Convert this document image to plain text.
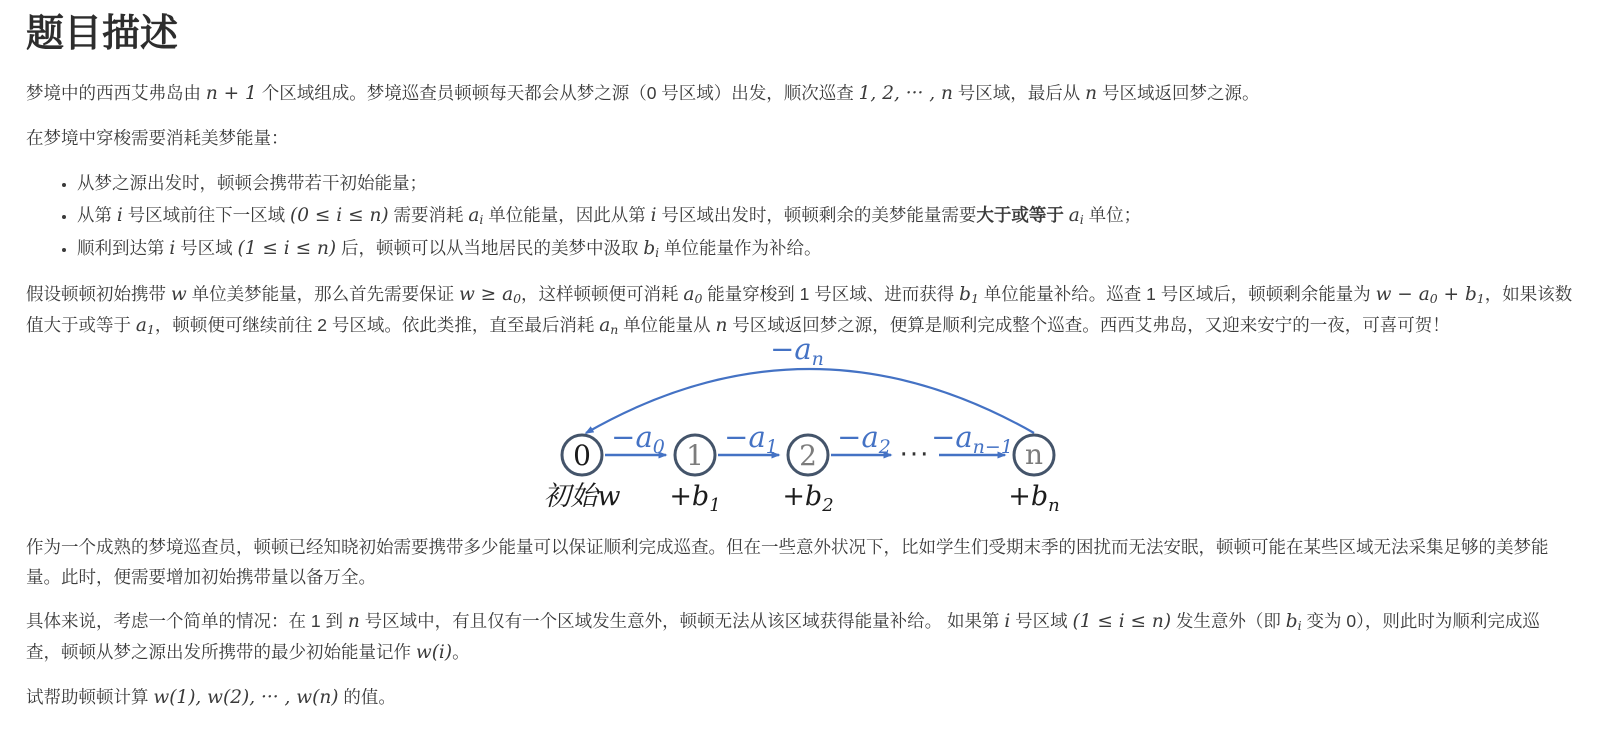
题目描述

梦境中的西西艾弗岛由 n + 1 个区域组成。梦境巡查员顿顿每天都会从梦之源（0 号区域）出发，顺次巡查 1, 2, ··· , n 号区域，最后从 n 号区域返回梦之源。

在梦境中穿梭需要消耗美梦能量：

• 从梦之源出发时，顿顿会携带若干初始能量；
• 从第 i 号区域前往下一区域 (0 ≤ i ≤ n) 需要消耗 $a_i$ 单位能量，因此从第 i 号区域出发时，顿顿剩余的美梦能量需要大于或等于 $a_i$ 单位；
• 顺利到达第 i 号区域 (1 ≤ i ≤ n) 后，顿顿可以从当地居民的美梦中汲取 $b_i$ 单位能量作为补给。

假设顿顿初始携带 w 单位美梦能量，那么首先需要保证 $w \ge a_0$，这样顿顿便可消耗 $a_0$ 能量穿梭到 1 号区域、进而获得 $b_1$ 单位能量补给。巡查 1 号区域后，顿顿剩余能量为 $w - a_0 + b_1$，如果该数值大于或等于 $a_1$，顿顿便可继续前往 2 号区域。依此类推，直至最后消耗 $a_n$ 单位能量从 n 号区域返回梦之源，便算是顺利完成整个巡查。西西艾弗岛，又迎来安宁的一夜，可喜可贺！

$-a_n$
$-a_0 -a_1 -a_2 -a_{n-1}$
···
0	1	2	n
初始$w +b_1 +b_2$	$+b_n$

作为一个成熟的梦境巡查员，顿顿已经知晓初始需要携带多少能量可以保证顺利完成巡查。但在一些意外状况下，比如学生们受期末季的困扰而无法安眠，顿顿可能在某些区域无法采集足够的美梦能量。此时，便需要增加初始携带量以备万全。

具体来说，考虑一个简单的情况：在 1 到 n 号区域中，有且仅有一个区域发生意外，顿顿无法从该区域获得能量补给。 如果第 i 号区域 (1 ≤ i ≤ n) 发生意外（即 $b_i$ 变为 0），则此时为顺利完成巡查，顿顿从梦之源出发所携带的最少初始能量记作 w(i)。

试帮助顿顿计算 w(1), w(2), ··· , w(n) 的值。
